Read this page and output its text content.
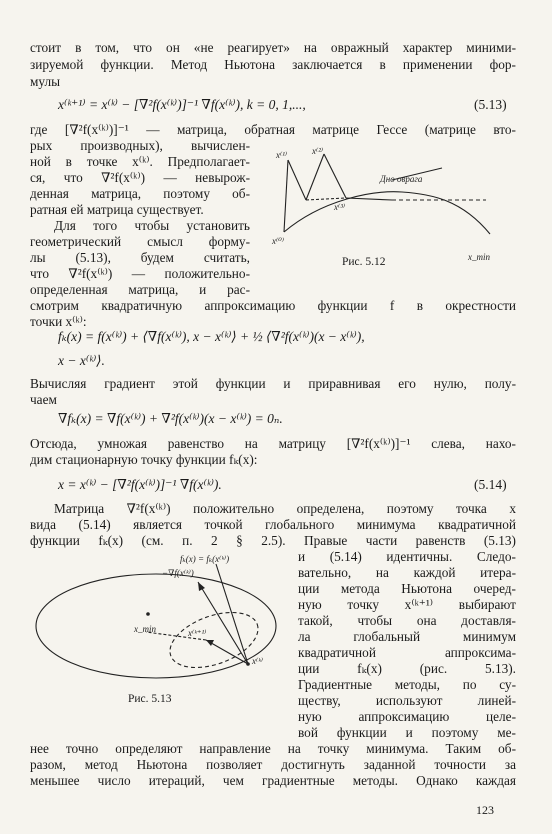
стоит в том, что он «не реагирует» на овражный характер миними-
зируемой функции. Метод Ньютона заключается в применении фор-
мулы
x⁽ᵏ⁺¹⁾ = x⁽ᵏ⁾ − [∇²f(x⁽ᵏ⁾)]⁻¹ ∇f(x⁽ᵏ⁾), k = 0, 1,...,	(5.13)
где [∇²f(x⁽ᵏ⁾)]⁻¹ — матрица, обратная матрице Гессе (матрице вто-
рых производных), вычислен-
ной в точке x⁽ᵏ⁾. Предполагает-
ся, что ∇²f(x⁽ᵏ⁾) — невырож-
денная матрица, поэтому об-
ратная ей матрица существует.
Для того чтобы установить
геометрический смысл форму-
лы (5.13), будем считать,
что ∇²f(x⁽ᵏ⁾) — положительно-
определенная матрица, и рас-
смотрим квадратичную аппроксимацию функции f в окрестности
точки x⁽ᵏ⁾:
x⁽⁰⁾
x⁽¹⁾	x⁽²⁾
x⁽³⁾
x_min
Дно оврага
Рис. 5.12
fₖ(x) = f(x⁽ᵏ⁾) + ⟨∇f(x⁽ᵏ⁾), x − x⁽ᵏ⁾⟩ + ½ ⟨∇²f(x⁽ᵏ⁾)(x − x⁽ᵏ⁾),
x − x⁽ᵏ⁾⟩.
Вычисляя градиент этой функции и приравнивая его нулю, полу-
чаем
∇fₖ(x) = ∇f(x⁽ᵏ⁾) + ∇²f(x⁽ᵏ⁾)(x − x⁽ᵏ⁾) = 0ₙ.
Отсюда, умножая равенство на матрицу [∇²f(x⁽ᵏ⁾)]⁻¹ слева, нахо-
дим стационарную точку функции fₖ(x):
x = x⁽ᵏ⁾ − [∇²f(x⁽ᵏ⁾)]⁻¹ ∇f(x⁽ᵏ⁾).	(5.14)
Матрица ∇²f(x⁽ᵏ⁾) положительно определена, поэтому точка x
вида (5.14) является точкой глобального минимума квадратичной
функции fₖ(x) (см. п. 2 § 2.5). Правые части равенств (5.13)
и (5.14) идентичны. Следо-
вательно, на каждой итера-
ции метода Ньютона очеред-
ную точку x⁽ᵏ⁺¹⁾ выбирают
такой, чтобы она доставля-
ла глобальный минимум
квадратичной аппроксима-
ции fₖ(x) (рис. 5.13).
Градиентные методы, по су-
ществу, используют линей-
ную аппроксимацию целе-
вой функции и поэтому ме-
нее точно определяют направление на точку минимума. Таким об-
разом, метод Ньютона позволяет достигнуть заданной точности за
меньшее число итераций, чем градиентные методы. Однако каждая
−∇f(x⁽ᵏ⁾)
fₖ(x) = fₖ(x⁽ᵏ⁾)
x_min	x⁽ᵏ⁺¹⁾
x⁽ᵏ⁾
Рис. 5.13
123
